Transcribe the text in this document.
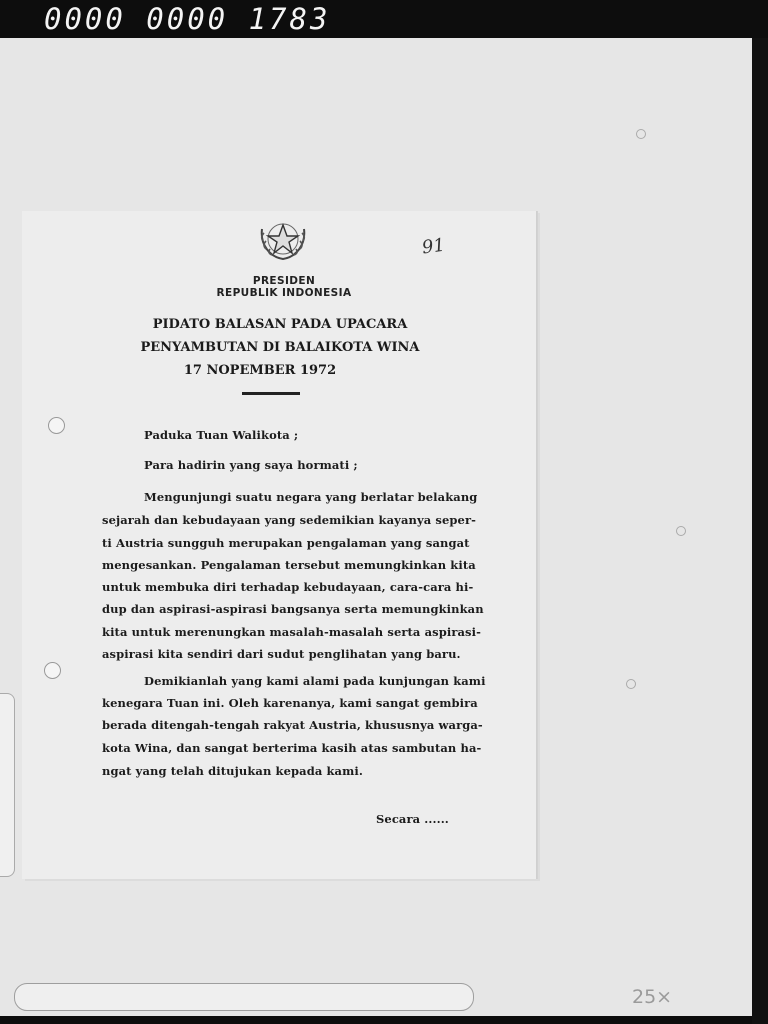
0000 0000 1783
91
PRESIDEN
REPUBLIK INDONESIA
PIDATO BALASAN PADA UPACARA
PENYAMBUTAN DI BALAIKOTA WINA
17 NOPEMBER 1972
Paduka Tuan Walikota ;
Para hadirin yang saya hormati ;
Mengunjungi suatu negara yang berlatar belakang
sejarah dan kebudayaan yang sedemikian kayanya seper-
ti Austria sungguh merupakan pengalaman yang sangat
mengesankan. Pengalaman tersebut memungkinkan kita
untuk membuka diri terhadap kebudayaan, cara-cara hi-
dup dan aspirasi-aspirasi bangsanya serta memungkinkan
kita untuk merenungkan masalah-masalah serta aspirasi-
aspirasi kita sendiri dari sudut penglihatan yang baru.
Demikianlah yang kami alami pada kunjungan kami
kenegara Tuan ini. Oleh karenanya, kami sangat gembira
berada ditengah-tengah rakyat Austria, khususnya warga-
kota Wina, dan sangat berterima kasih atas sambutan ha-
ngat yang telah ditujukan kepada kami.
Secara ......
25×
